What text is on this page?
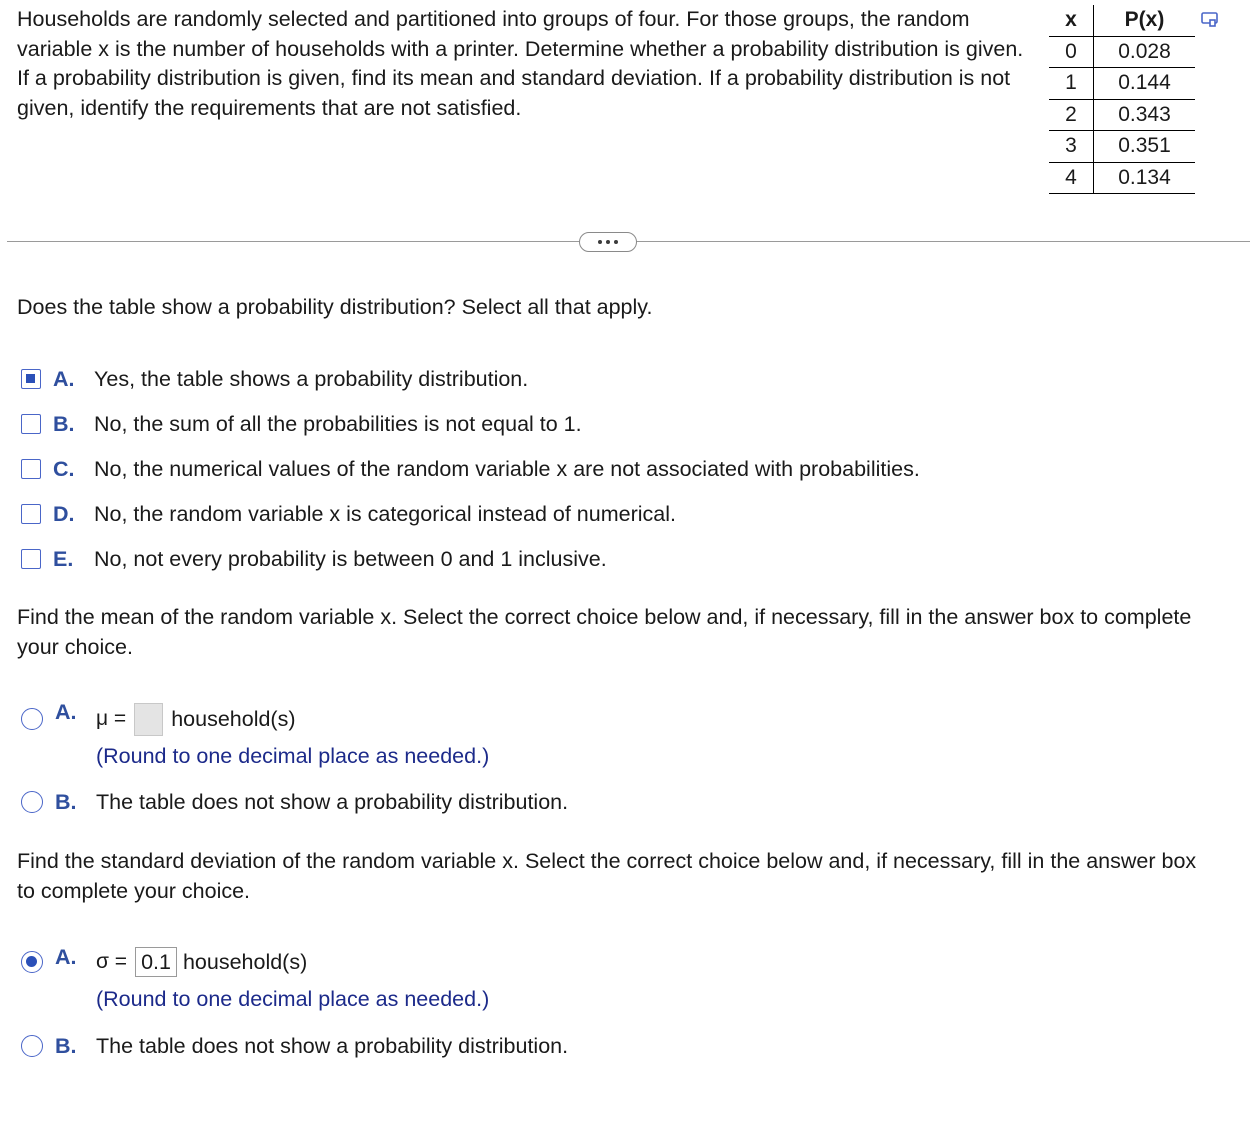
Households are randomly selected and partitioned into groups of four. For those groups, the random variable x is the number of households with a printer. Determine whether a probability distribution is given. If a probability distribution is given, find its mean and standard deviation. If a probability distribution is not given, identify the requirements that are not satisfied.
x	P(x)
0	0.028
1	0.144
2	0.343
3	0.351
4	0.134
Does the table show a probability distribution? Select all that apply.
A. Yes, the table shows a probability distribution.
B. No, the sum of all the probabilities is not equal to 1.
C. No, the numerical values of the random variable x are not associated with probabilities.
D. No, the random variable x is categorical instead of numerical.
E. No, not every probability is between 0 and 1 inclusive.
Find the mean of the random variable x. Select the correct choice below and, if necessary, fill in the answer box to complete your choice.
A. μ = household(s)
(Round to one decimal place as needed.)
B. The table does not show a probability distribution.
Find the standard deviation of the random variable x. Select the correct choice below and, if necessary, fill in the answer box to complete your choice.
A. σ = 0.1 household(s)
(Round to one decimal place as needed.)
B. The table does not show a probability distribution.
